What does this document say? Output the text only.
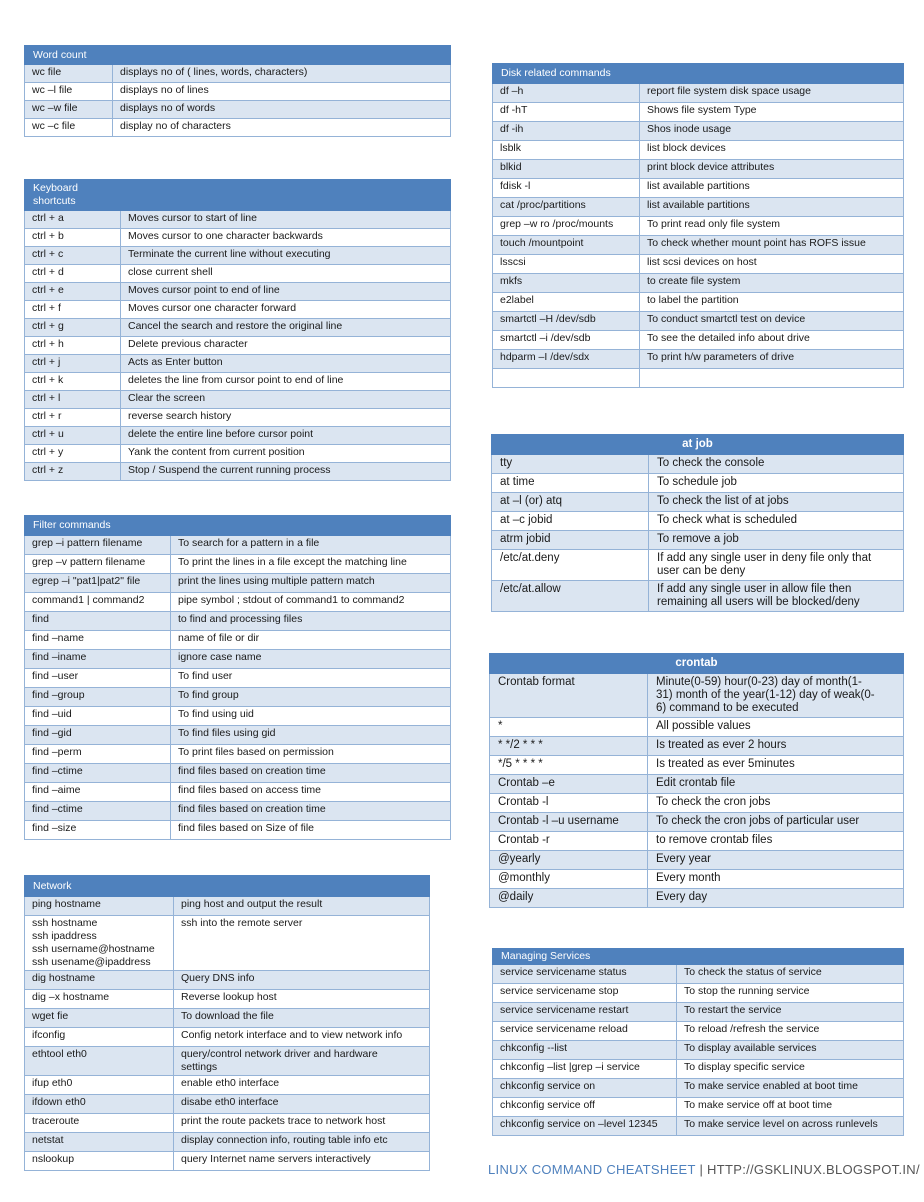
Word count	
wc file	displays no of ( lines, words, characters)
wc –l file	displays no of lines
wc –w file	displays no of words
wc –c file	display no of characters
Keyboard
shortcuts	
ctrl + a	Moves cursor to start of line
ctrl + b	Moves cursor to one character backwards
ctrl + c	Terminate the current line without executing
ctrl + d	close current shell
ctrl + e	Moves cursor point to end of line
ctrl + f	Moves cursor one character forward
ctrl + g	Cancel the search and restore the original line
ctrl + h	Delete previous character
ctrl + j	Acts as Enter button
ctrl + k	deletes the line from cursor point to end of line
ctrl + l	Clear the screen
ctrl + r	reverse search history
ctrl + u	delete the entire line before cursor point
ctrl + y	Yank the content from current position
ctrl + z	Stop / Suspend the current running process
Filter commands	
grep –i pattern filename	To search for a pattern in a file
grep –v pattern filename	To print the lines in a file except the matching line
egrep –i "pat1|pat2" file	print the lines using multiple pattern match
command1 | command2	pipe symbol ; stdout of command1 to command2
find	to find and processing files
find –name	name of file or dir
find –iname	ignore case name
find –user	To find user
find –group	To find group
find –uid	To find using uid
find –gid	To find files using gid
find –perm	To print files based on permission
find –ctime	find files based on creation time
find –aime	find files based on access time
find –ctime	find files based on creation time
find –size	find files based on Size of file
Network	
ping hostname	ping host and output the result
ssh hostname
ssh ipaddress
ssh username@hostname
ssh usename@ipaddress	ssh into the remote server
dig hostname	Query DNS info
dig –x hostname	Reverse lookup host
wget fie	To download the file
ifconfig	Config netork interface and to view network info
ethtool eth0	query/control network driver and hardware
settings
ifup eth0	enable eth0 interface
ifdown eth0	disabe eth0 interface
traceroute	print the route packets trace to network host
netstat	display connection info, routing table info etc
nslookup	query Internet name servers interactively
Disk related commands	
df –h	report file system disk space usage
df -hT	Shows file system Type
df -ih	Shos inode usage
lsblk	list block devices
blkid	print block device attributes
fdisk -l	list available partitions
cat /proc/partitions	list available partitions
grep –w ro /proc/mounts	To print read only file system
touch /mountpoint	To check whether mount point has ROFS issue
lsscsi	list scsi devices on host
mkfs	to create file system
e2label	to label the partition
smartctl –H /dev/sdb	To conduct smartctl test on device
smartctl –i /dev/sdb	To see the detailed info about drive
hdparm –I /dev/sdx	To print h/w parameters of drive

at job	
tty	To check the console
at time	To schedule job
at –l (or) atq	To check the list of at jobs
at –c jobid	To check what is scheduled
atrm jobid	To remove a job
/etc/at.deny	If add any single user in deny file only that
user can be deny
/etc/at.allow	If add any single user in allow file then
remaining all users will be blocked/deny
crontab	
Crontab format	Minute(0-59) hour(0-23) day of month(1-
31) month of the year(1-12) day of weak(0-
6) command to be executed
*	All possible values
* */2 * * *	Is treated as ever 2 hours
*/5 * * * *	Is treated as ever 5minutes
Crontab –e	Edit crontab file
Crontab -l	To check the cron jobs
Crontab -l –u username	To check the cron jobs of particular user
Crontab -r	to remove crontab files
@yearly	Every year
@monthly	Every month
@daily	Every day
Managing Services	
service servicename status	To check the status of service
service servicename stop	To stop the running service
service servicename restart	To restart the service
service servicename reload	To reload /refresh the service
chkconfig --list	To display available services
chkconfig –list |grep –i service	To display specific service
chkconfig service on	To make service enabled at boot time
chkconfig service off	To make service off at boot time
chkconfig service on –level 12345	To make service level on across runlevels
LINUX COMMAND CHEATSHEET | HTTP://GSKLINUX.BLOGSPOT.IN/
